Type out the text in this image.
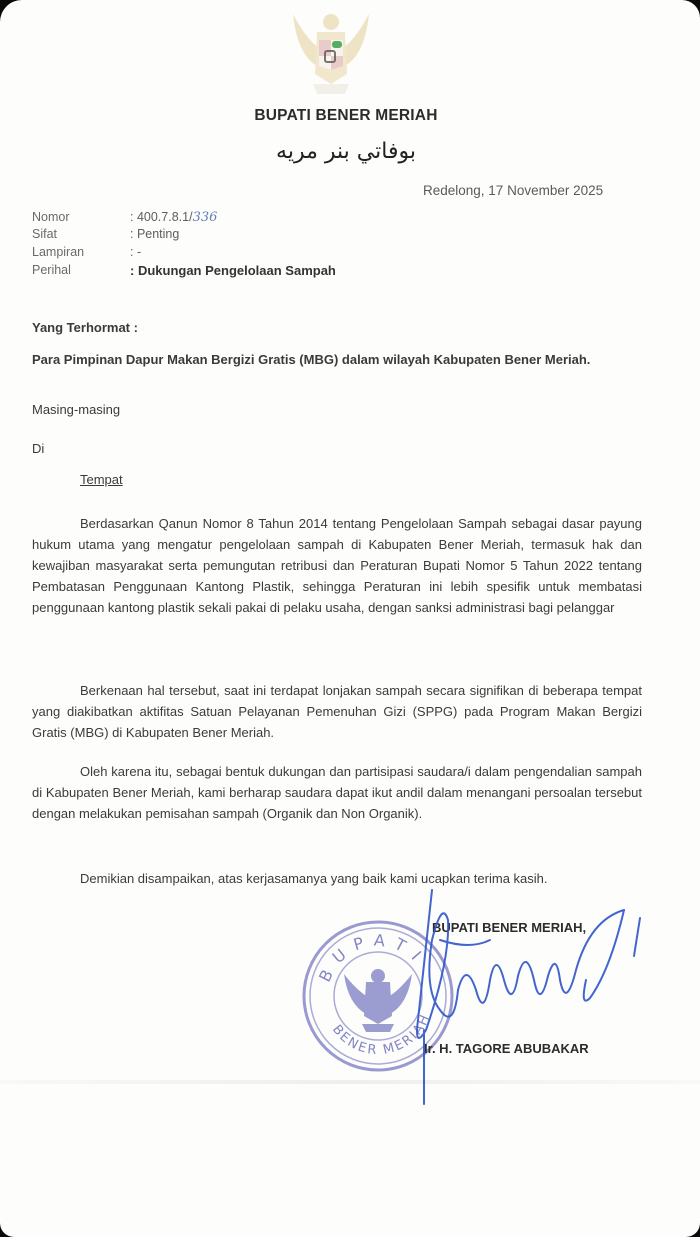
BUPATI BENER MERIAH
بوفاتي بنر مريه
Redelong, 17 November 2025
Nomor	: 400.7.8.1/336
Sifat	: Penting
Lampiran	: -
Perihal	: Dukungan Pengelolaan Sampah
Yang Terhormat :
Para Pimpinan Dapur Makan Bergizi Gratis (MBG) dalam wilayah Kabupaten Bener Meriah.
Masing-masing
Di
Tempat
Berdasarkan Qanun Nomor 8 Tahun 2014 tentang Pengelolaan Sampah sebagai dasar payung hukum utama yang mengatur pengelolaan sampah di Kabupaten Bener Meriah, termasuk hak dan kewajiban masyarakat serta pemungutan retribusi dan Peraturan Bupati Nomor 5 Tahun 2022 tentang Pembatasan Penggunaan Kantong Plastik, sehingga Peraturan ini lebih spesifik untuk membatasi penggunaan kantong plastik sekali pakai di pelaku usaha, dengan sanksi administrasi bagi pelanggar
Berkenaan hal tersebut, saat ini terdapat lonjakan sampah secara signifikan di beberapa tempat yang diakibatkan aktifitas Satuan Pelayanan Pemenuhan Gizi (SPPG) pada Program Makan Bergizi Gratis (MBG) di Kabupaten Bener Meriah.
Oleh karena itu, sebagai bentuk dukungan dan partisipasi saudara/i dalam pengendalian sampah di Kabupaten Bener Meriah, kami berharap saudara dapat ikut andil dalam menangani persoalan tersebut dengan melakukan pemisahan sampah (Organik dan Non Organik).
Demikian disampaikan, atas kerjasamanya yang baik kami ucapkan terima kasih.
BUPATI
BENER MERIAH
BUPATI BENER MERIAH,
Ir. H. TAGORE ABUBAKAR
